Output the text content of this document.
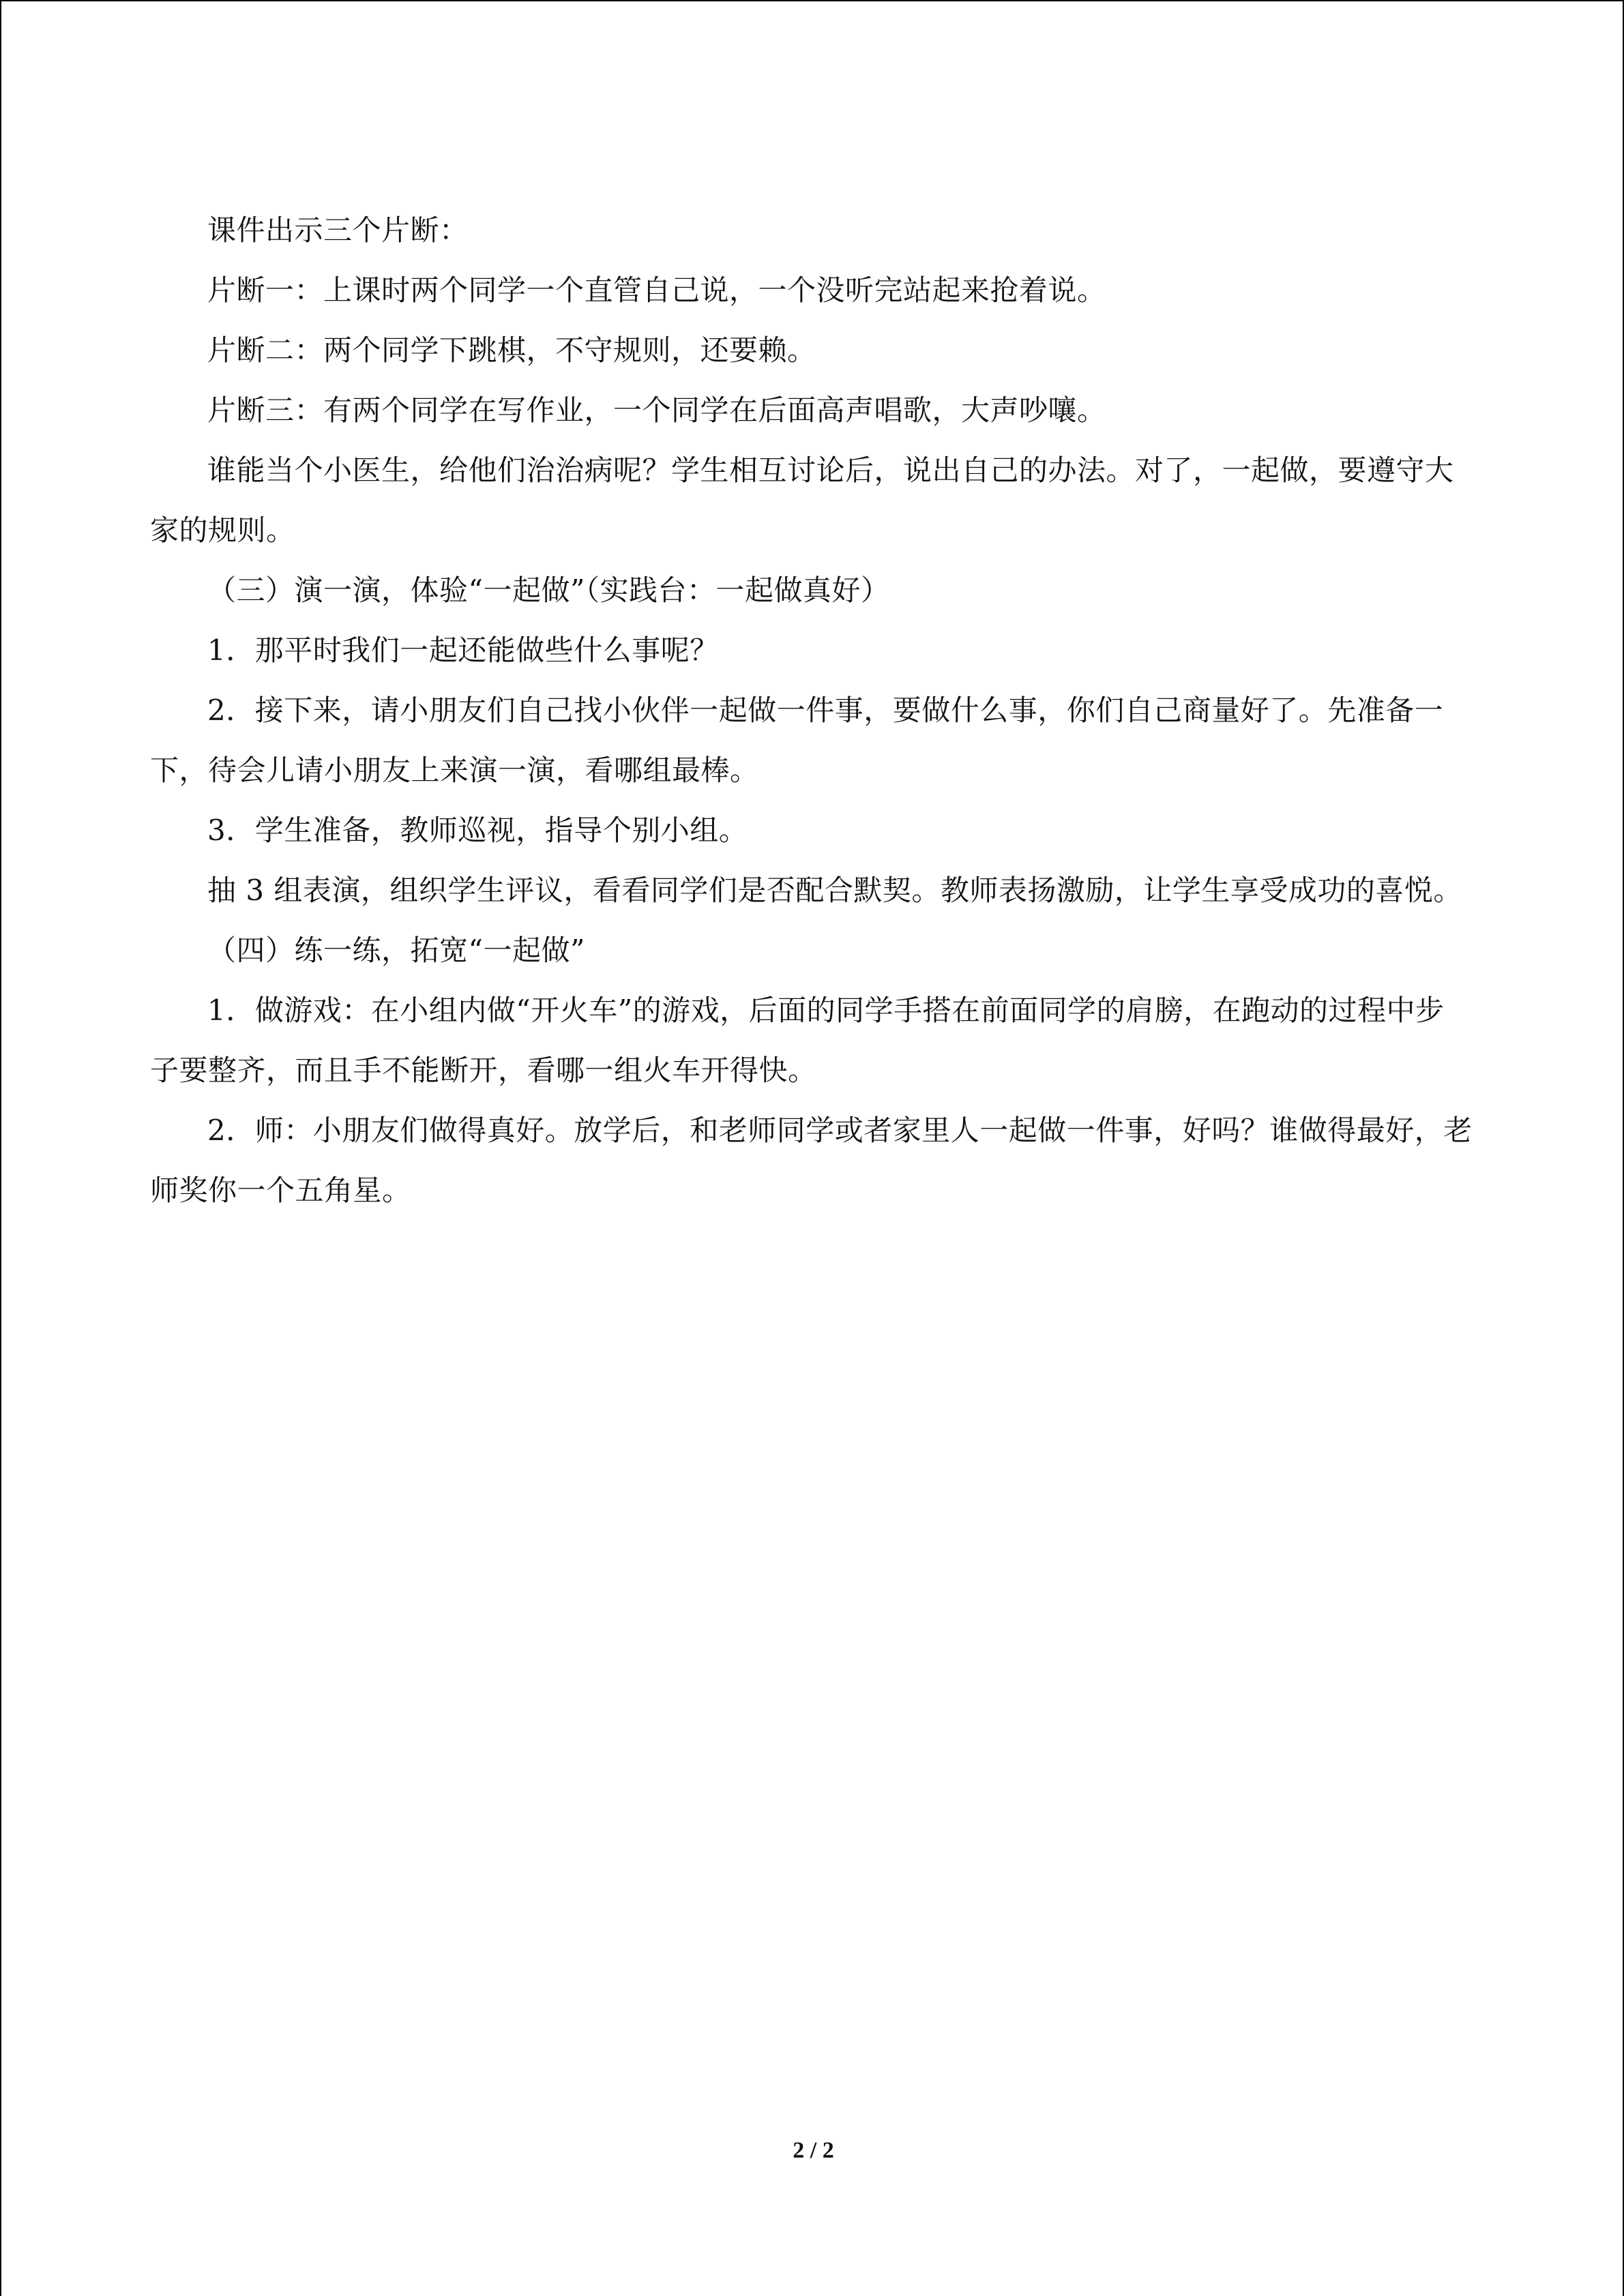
课件出示三个片断：

片断一：上课时两个同学一个直管自己说，一个没听完站起来抢着说。

片断二：两个同学下跳棋，不守规则，还要赖。

片断三：有两个同学在写作业，一个同学在后面高声唱歌，大声吵嚷。

谁能当个小医生，给他们治治病呢？学生相互讨论后，说出自己的办法。对了，一起做，要遵守大家的规则。

（三）演一演，体验“一起做”（实践台：一起做真好）

1．那平时我们一起还能做些什么事呢？

2．接下来，请小朋友们自己找小伙伴一起做一件事，要做什么事，你们自己商量好了。先准备一下，待会儿请小朋友上来演一演，看哪组最棒。

3．学生准备，教师巡视，指导个别小组。

抽 3 组表演，组织学生评议，看看同学们是否配合默契。教师表扬激励，让学生享受成功的喜悦。

（四）练一练，拓宽“一起做”

1．做游戏：在小组内做“开火车”的游戏，后面的同学手搭在前面同学的肩膀，在跑动的过程中步子要整齐，而且手不能断开，看哪一组火车开得快。

2．师：小朋友们做得真好。放学后，和老师同学或者家里人一起做一件事，好吗？谁做得最好，老师奖你一个五角星。

2 / 2
